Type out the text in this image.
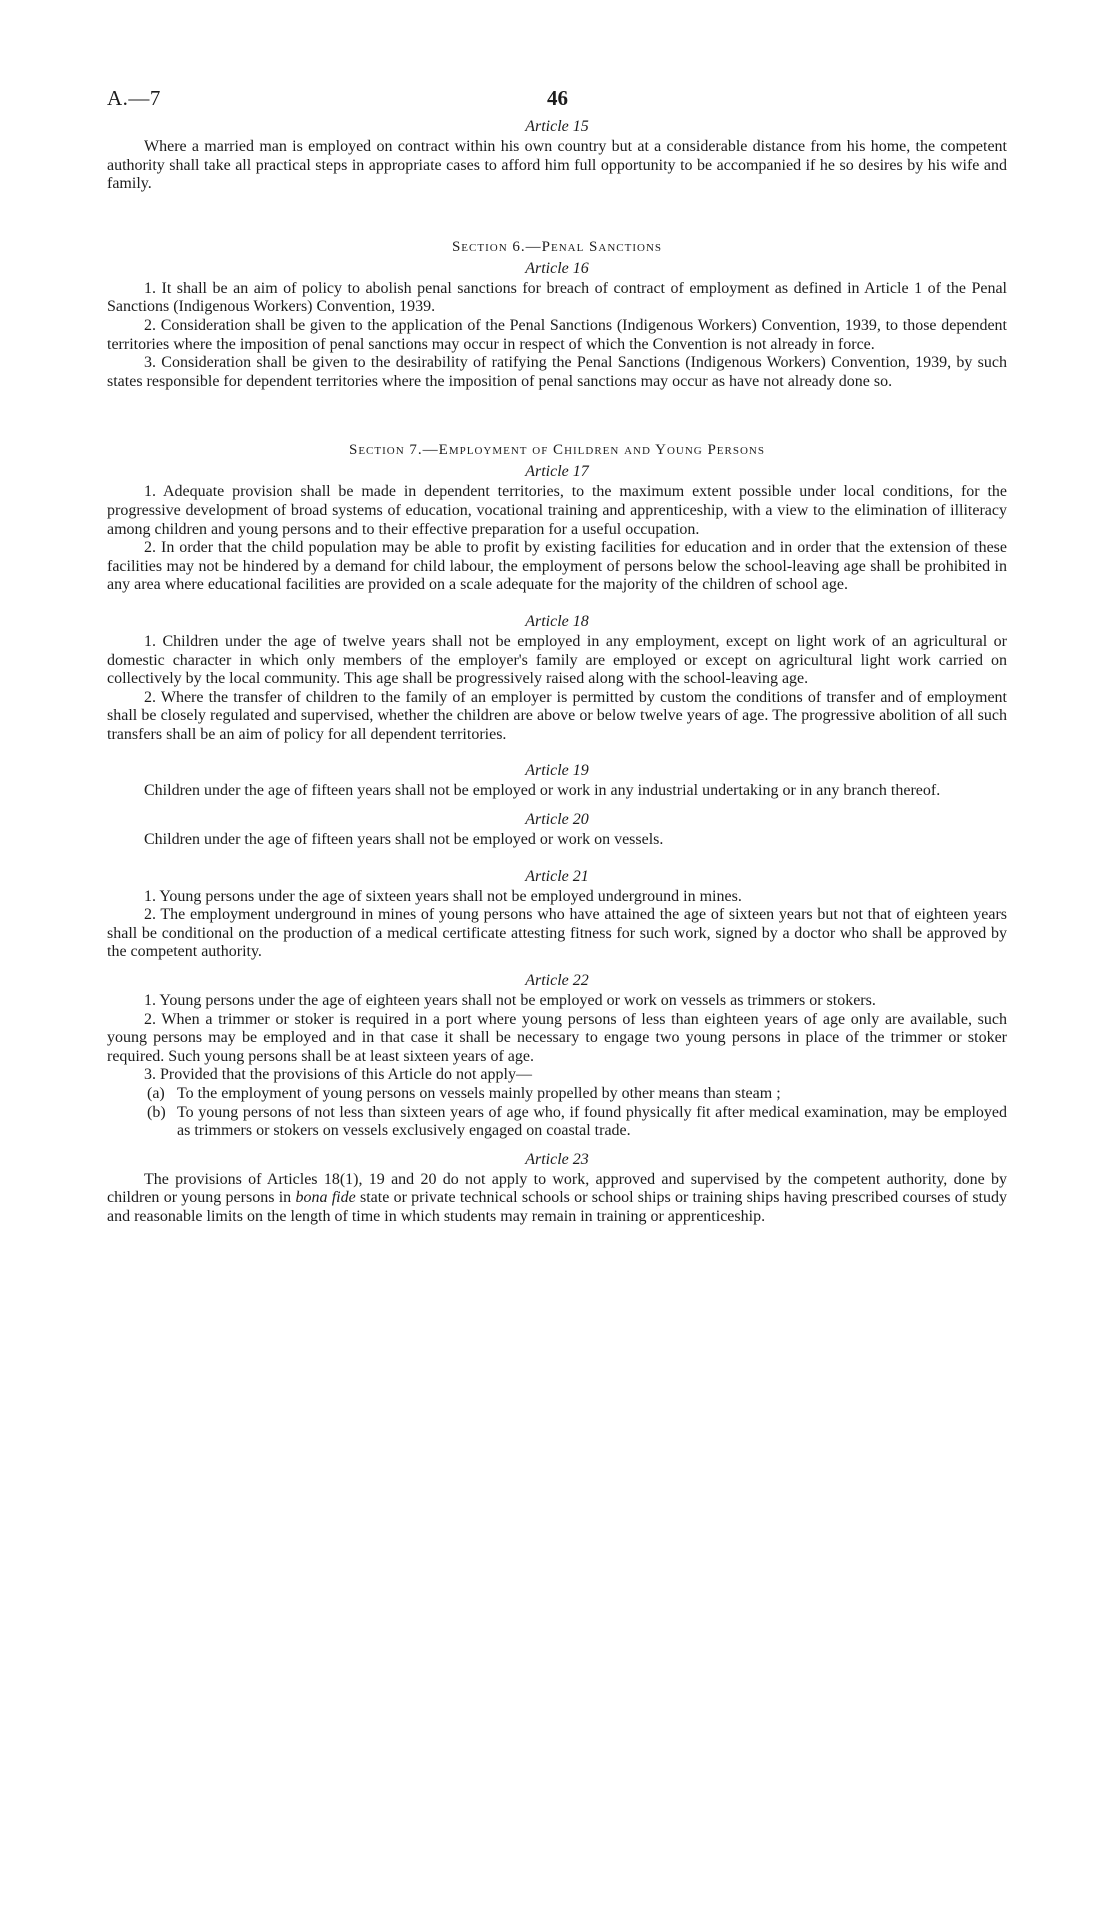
A.—7	46
Article 15

Where a married man is employed on contract within his own country but at a considerable distance from his home, the competent authority shall take all practical steps in appropriate cases to afford him full opportunity to be accompanied if he so desires by his wife and family.

Section 6.—Penal Sanctions
Article 16

1. It shall be an aim of policy to abolish penal sanctions for breach of contract of employment as defined in Article 1 of the Penal Sanctions (Indigenous Workers) Convention, 1939.

2. Consideration shall be given to the application of the Penal Sanctions (Indigenous Workers) Convention, 1939, to those dependent territories where the imposition of penal sanctions may occur in respect of which the Convention is not already in force.

3. Consideration shall be given to the desirability of ratifying the Penal Sanctions (Indigenous Workers) Convention, 1939, by such states responsible for dependent territories where the imposition of penal sanctions may occur as have not already done so.

Section 7.—Employment of Children and Young Persons
Article 17

1. Adequate provision shall be made in dependent territories, to the maximum extent possible under local conditions, for the progressive development of broad systems of education, vocational training and apprenticeship, with a view to the elimination of illiteracy among children and young persons and to their effective preparation for a useful occupation.

2. In order that the child population may be able to profit by existing facilities for education and in order that the extension of these facilities may not be hindered by a demand for child labour, the employment of persons below the school-leaving age shall be prohibited in any area where educational facilities are provided on a scale adequate for the majority of the children of school age.

Article 18

1. Children under the age of twelve years shall not be employed in any employment, except on light work of an agricultural or domestic character in which only members of the employer's family are employed or except on agricultural light work carried on collectively by the local community. This age shall be progressively raised along with the school-leaving age.

2. Where the transfer of children to the family of an employer is permitted by custom the conditions of transfer and of employment shall be closely regulated and supervised, whether the children are above or below twelve years of age. The progressive abolition of all such transfers shall be an aim of policy for all dependent territories.

Article 19

Children under the age of fifteen years shall not be employed or work in any industrial undertaking or in any branch thereof.

Article 20

Children under the age of fifteen years shall not be employed or work on vessels.

Article 21

1. Young persons under the age of sixteen years shall not be employed underground in mines.

2. The employment underground in mines of young persons who have attained the age of sixteen years but not that of eighteen years shall be conditional on the production of a medical certificate attesting fitness for such work, signed by a doctor who shall be approved by the competent authority.

Article 22

1. Young persons under the age of eighteen years shall not be employed or work on vessels as trimmers or stokers.

2. When a trimmer or stoker is required in a port where young persons of less than eighteen years of age only are available, such young persons may be employed and in that case it shall be necessary to engage two young persons in place of the trimmer or stoker required. Such young persons shall be at least sixteen years of age.

3. Provided that the provisions of this Article do not apply—

(a) To the employment of young persons on vessels mainly propelled by other means than steam ;

(b) To young persons of not less than sixteen years of age who, if found physically fit after medical examination, may be employed as trimmers or stokers on vessels exclusively engaged on coastal trade.

Article 23

The provisions of Articles 18(1), 19 and 20 do not apply to work, approved and supervised by the competent authority, done by children or young persons in bona fide state or private technical schools or school ships or training ships having prescribed courses of study and reasonable limits on the length of time in which students may remain in training or apprenticeship.
